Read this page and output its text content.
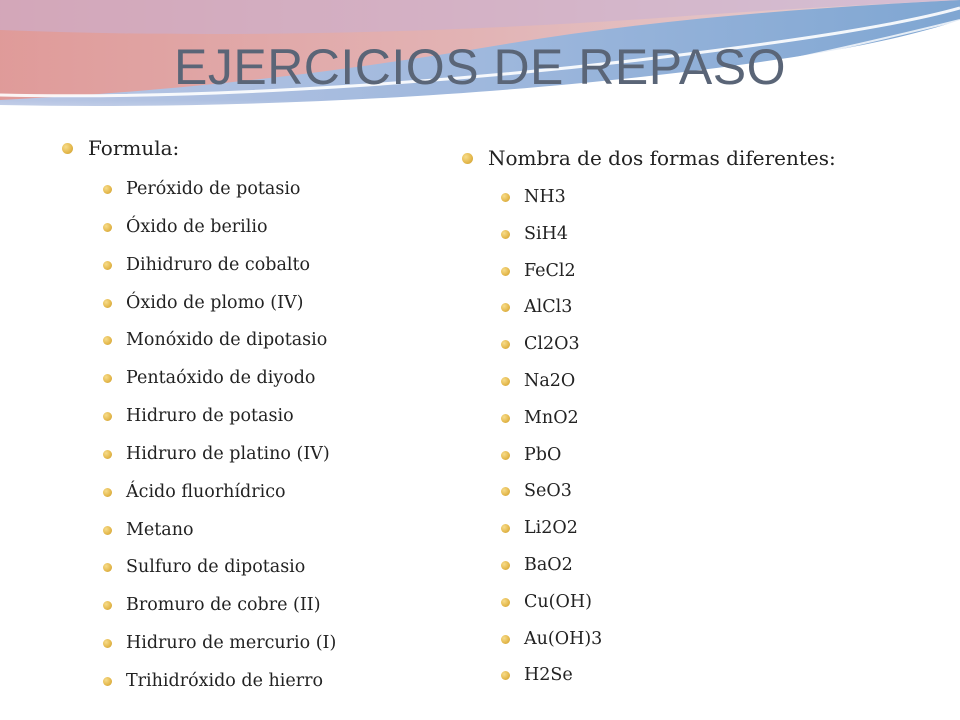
EJERCICIOS DE REPASO
Formula:
Peróxido de potasio
Óxido de berilio
Dihidruro de cobalto
Óxido de plomo (IV)
Monóxido de dipotasio
Pentaóxido de diyodo
Hidruro de potasio
Hidruro de platino (IV)
Ácido fluorhídrico
Metano
Sulfuro de dipotasio
Bromuro de cobre (II)
Hidruro de mercurio (I)
Trihidróxido de hierro
Nombra de dos formas diferentes:
NH3
SiH4
FeCl2
AlCl3
Cl2O3
Na2O
MnO2
PbO
SeO3
Li2O2
BaO2
Cu(OH)
Au(OH)3
H2Se
